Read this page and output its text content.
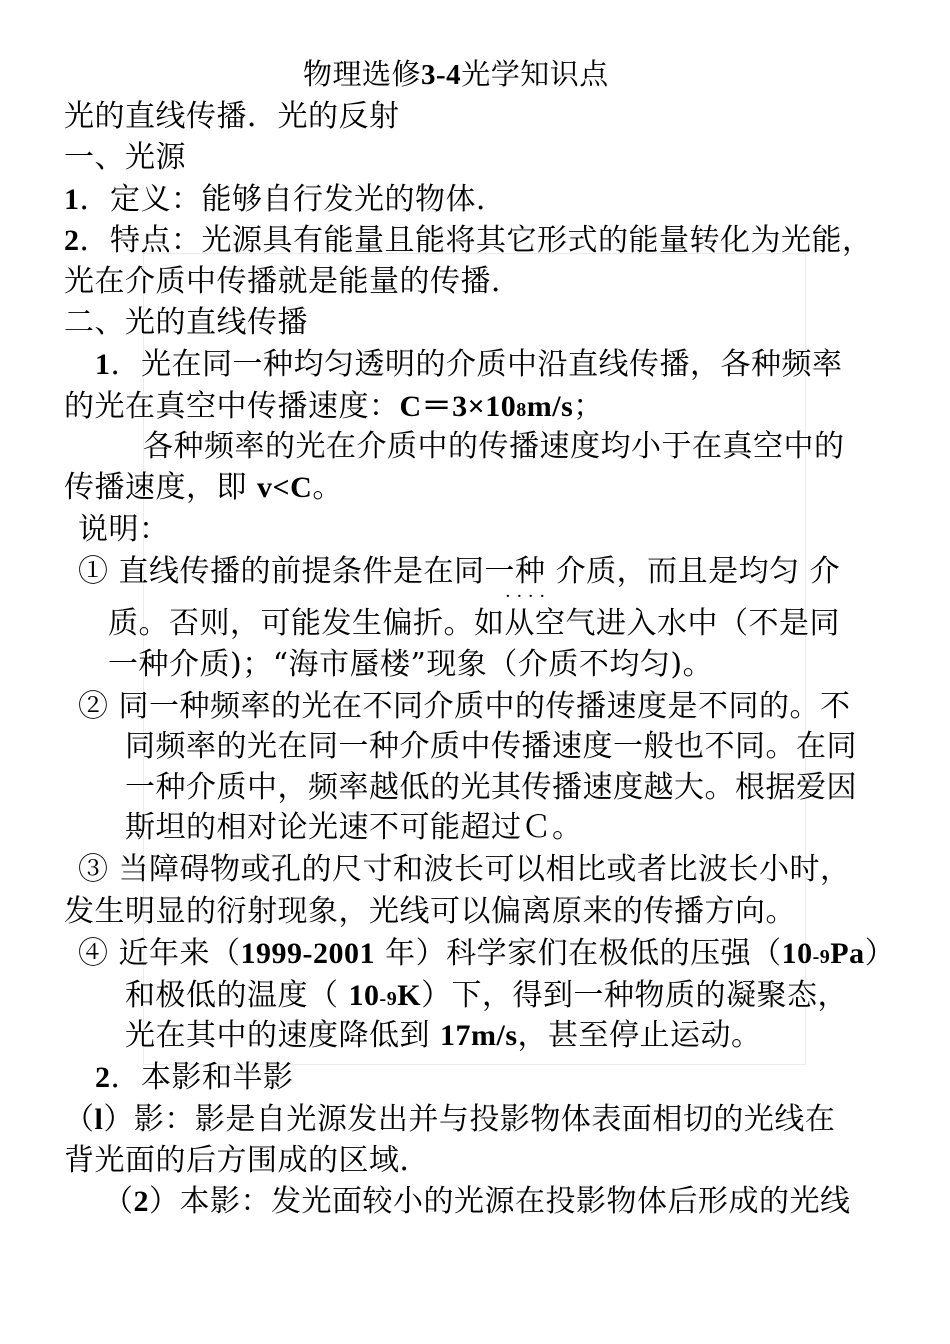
物理选修3-4光学知识点
光的直线传播．光的反射
一、光源
1．定义：能够自行发光的物体．
2．特点：光源具有能量且能将其它形式的能量转化为光能，
光在介质中传播就是能量的传播．
二、光的直线传播
1．光在同一种均匀透明的介质中沿直线传播，各种频率
的光在真空中传播速度：C＝3×108m/s；
各种频率的光在介质中的传播速度均小于在真空中的
传播速度，即 v<C。
说明：
① 直线传播的前提条件是在同一种 介质，而且是均匀 介
· · · ·
质。否则，可能发生偏折。如从空气进入水中（不是同
一种介质)；“海市蜃楼”现象（介质不均匀)。
② 同一种频率的光在不同介质中的传播速度是不同的。不
同频率的光在同一种介质中传播速度一般也不同。在同
一种介质中，频率越低的光其传播速度越大。根据爱因
斯坦的相对论光速不可能超过Ｃ。
③ 当障碍物或孔的尺寸和波长可以相比或者比波长小时，
发生明显的衍射现象，光线可以偏离原来的传播方向。
④ 近年来（1999-2001 年）科学家们在极低的压强（10-9Pa）
和极低的温度（ 10-9K）下，得到一种物质的凝聚态，
光在其中的速度降低到 17m/s，甚至停止运动。
2．本影和半影
（l）影：影是自光源发出并与投影物体表面相切的光线在
背光面的后方围成的区域．
（2）本影：发光面较小的光源在投影物体后形成的光线
